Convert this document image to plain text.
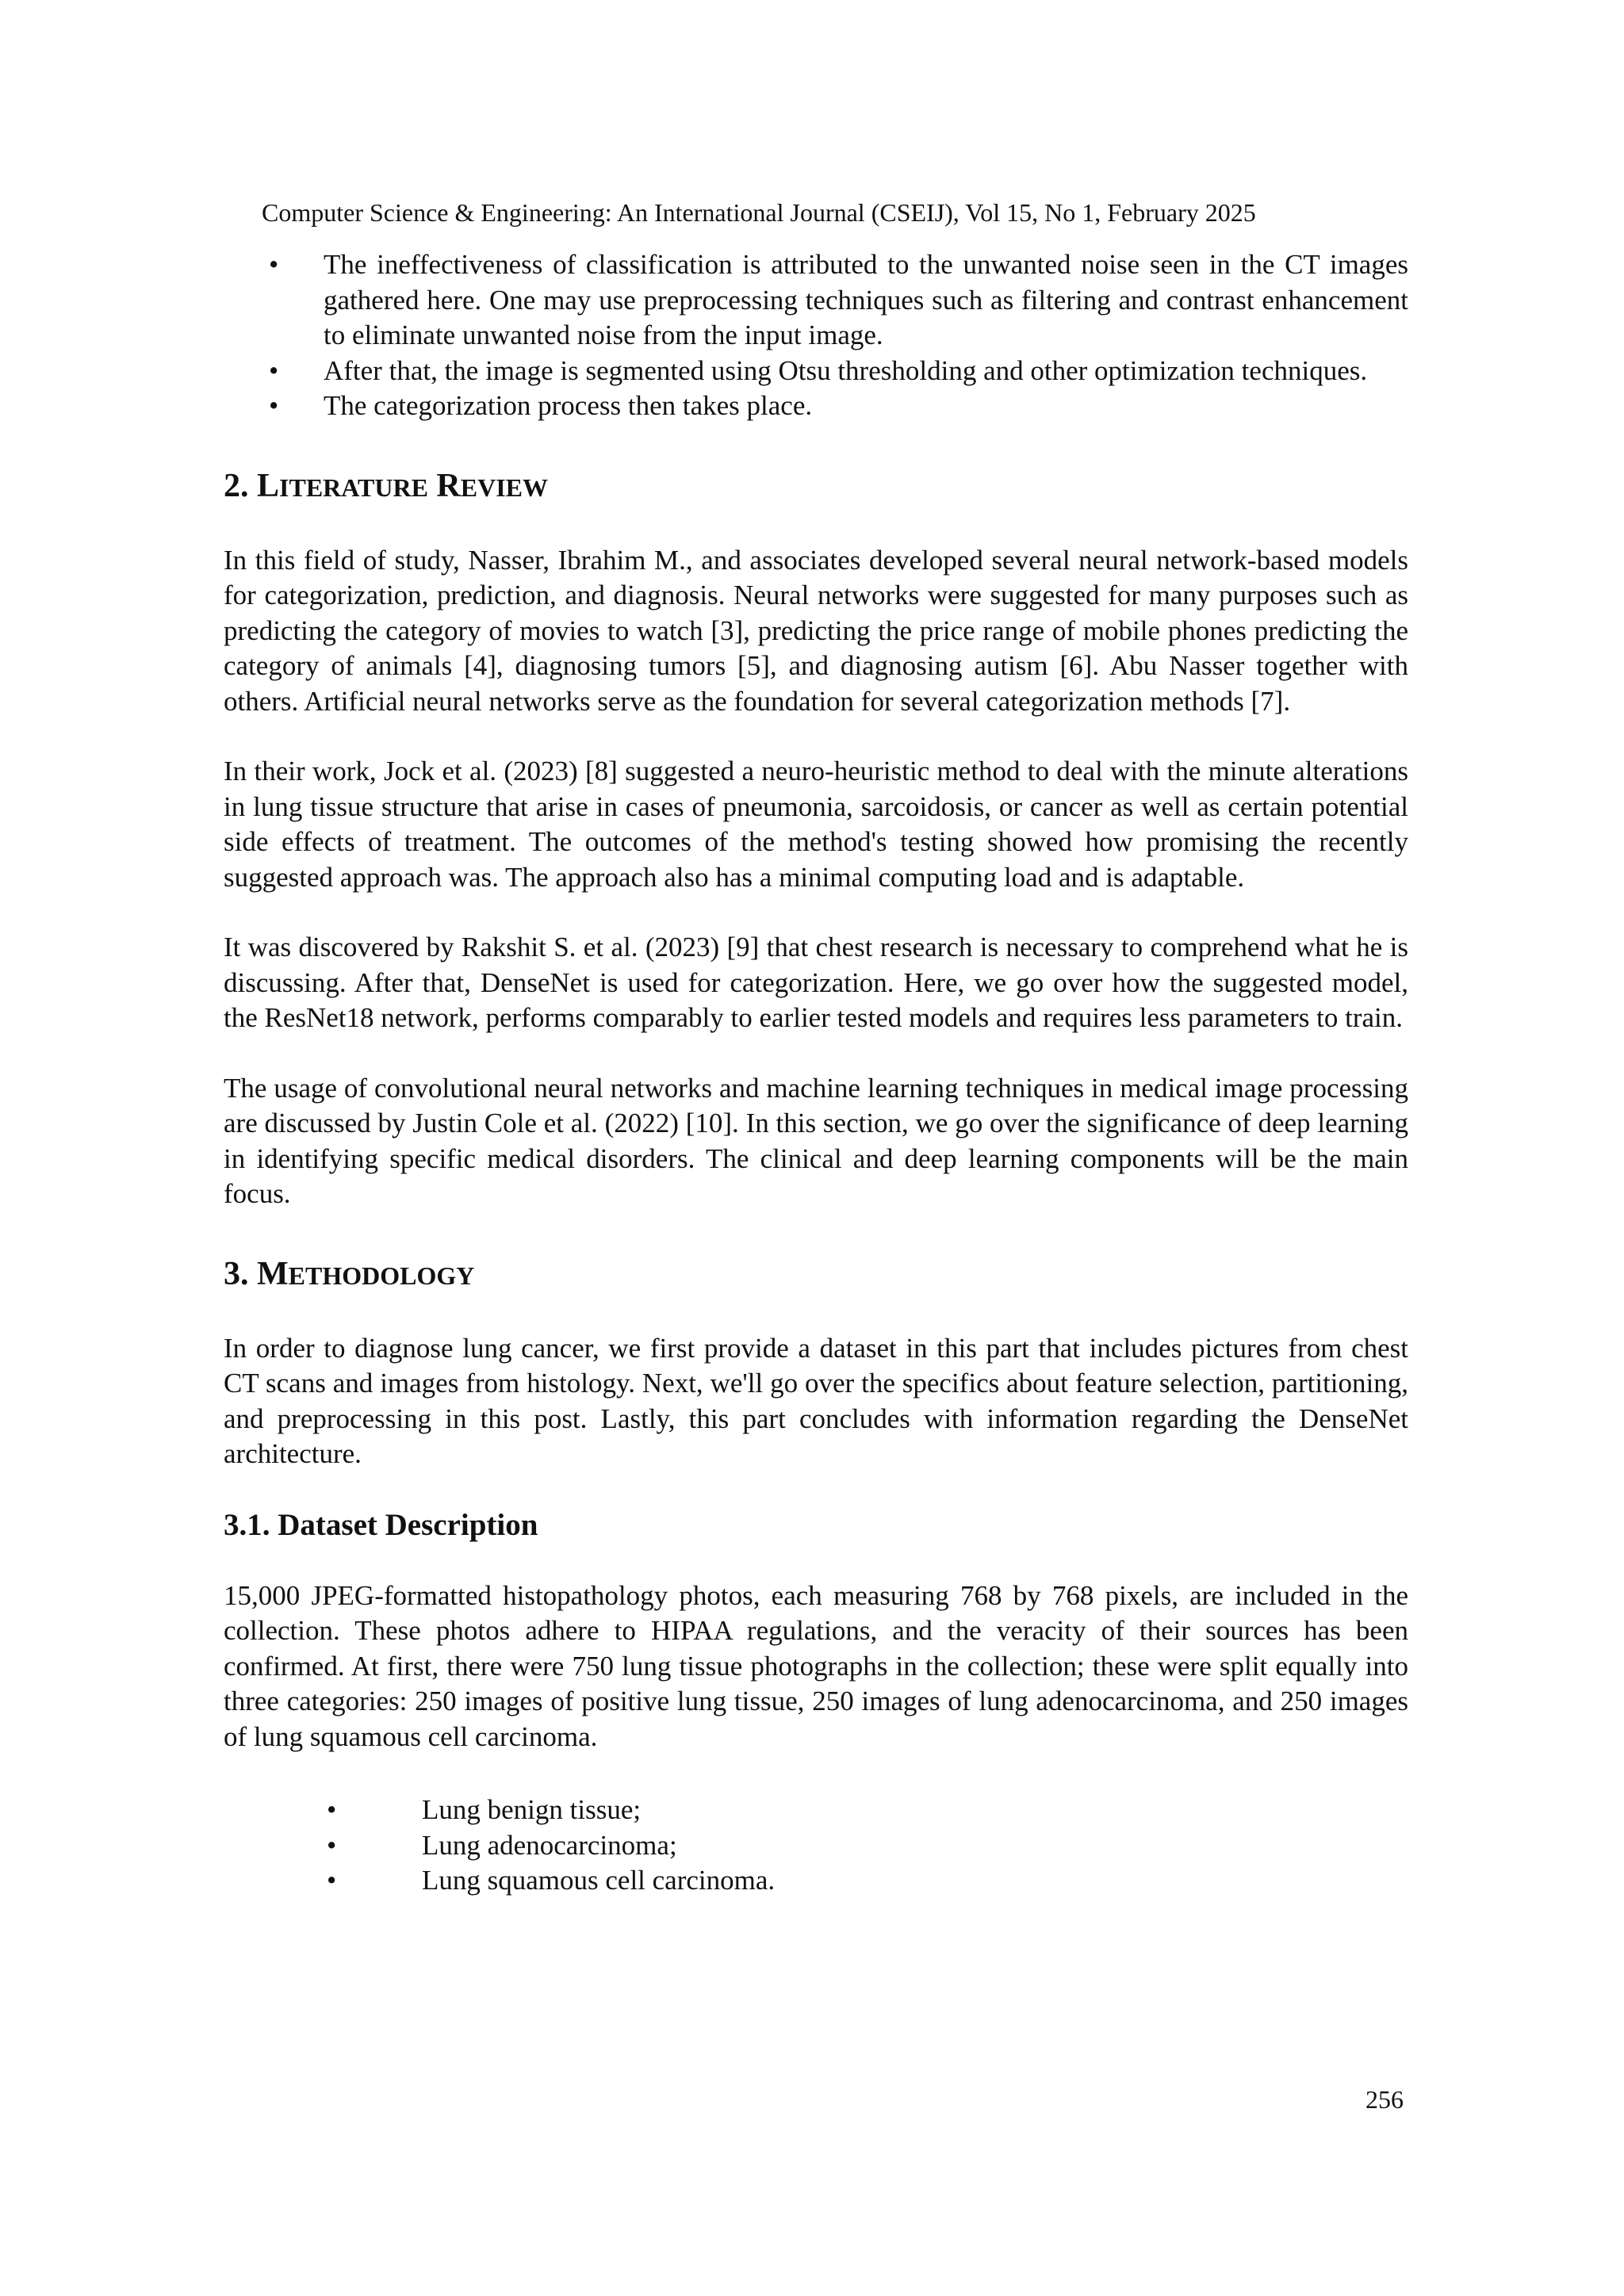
Computer Science & Engineering: An International Journal (CSEIJ), Vol 15, No 1, February 2025
• The ineffectiveness of classification is attributed to the unwanted noise seen in the CT images gathered here. One may use preprocessing techniques such as filtering and contrast enhancement to eliminate unwanted noise from the input image.
• After that, the image is segmented using Otsu thresholding and other optimization techniques.
• The categorization process then takes place.
2. LITERATURE REVIEW

In this field of study, Nasser, Ibrahim M., and associates developed several neural network-based models for categorization, prediction, and diagnosis. Neural networks were suggested for many purposes such as predicting the category of movies to watch [3], predicting the price range of mobile phones predicting the category of animals [4], diagnosing tumors [5], and diagnosing autism [6]. Abu Nasser together with others. Artificial neural networks serve as the foundation for several categorization methods [7].

In their work, Jock et al. (2023) [8] suggested a neuro-heuristic method to deal with the minute alterations in lung tissue structure that arise in cases of pneumonia, sarcoidosis, or cancer as well as certain potential side effects of treatment. The outcomes of the method's testing showed how promising the recently suggested approach was. The approach also has a minimal computing load and is adaptable.

It was discovered by Rakshit S. et al. (2023) [9] that chest research is necessary to comprehend what he is discussing. After that, DenseNet is used for categorization. Here, we go over how the suggested model, the ResNet18 network, performs comparably to earlier tested models and requires less parameters to train.

The usage of convolutional neural networks and machine learning techniques in medical image processing are discussed by Justin Cole et al. (2022) [10]. In this section, we go over the significance of deep learning in identifying specific medical disorders. The clinical and deep learning components will be the main focus.

3. METHODOLOGY

In order to diagnose lung cancer, we first provide a dataset in this part that includes pictures from chest CT scans and images from histology. Next, we'll go over the specifics about feature selection, partitioning, and preprocessing in this post. Lastly, this part concludes with information regarding the DenseNet architecture.

3.1. Dataset Description

15,000 JPEG-formatted histopathology photos, each measuring 768 by 768 pixels, are included in the collection. These photos adhere to HIPAA regulations, and the veracity of their sources has been confirmed. At first, there were 750 lung tissue photographs in the collection; these were split equally into three categories: 250 images of positive lung tissue, 250 images of lung adenocarcinoma, and 250 images of lung squamous cell carcinoma.

•	Lung benign tissue;
•	Lung adenocarcinoma;
•	Lung squamous cell carcinoma.
256
